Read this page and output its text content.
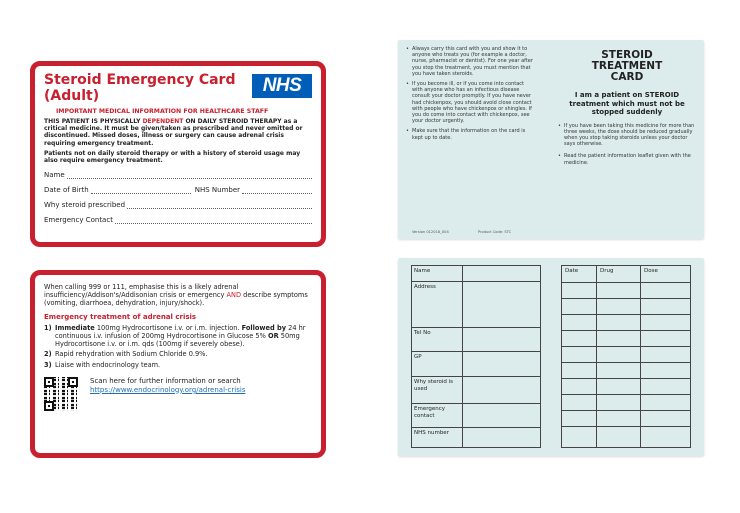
Steroid Emergency Card
(Adult)	NHS
IMPORTANT MEDICAL INFORMATION FOR HEALTHCARE STAFF
THIS PATIENT IS PHYSICALLY DEPENDENT ON DAILY STEROID THERAPY as a critical medicine. It must be given/taken as prescribed and never omitted or discontinued. Missed doses, illness or surgery can cause adrenal crisis requiring emergency treatment.
Patients not on daily steroid therapy or with a history of steroid usage may also require emergency treatment.
Name
Date of Birth	NHS Number
Why steroid prescribed
Emergency Contact
When calling 999 or 111, emphasise this is a likely adrenal insufficiency/Addison's/Addisonian crisis or emergency AND describe symptoms (vomiting, diarrhoea, dehydration, injury/shock).
Emergency treatment of adrenal crisis
1) Immediate 100mg Hydrocortisone i.v. or i.m. injection. Followed by 24 hr continuous i.v. infusion of 200mg Hydrocortisone in Glucose 5% OR 50mg Hydrocortisone i.v. or i.m. qds (100mg if severely obese).
2) Rapid rehydration with Sodium Chloride 0.9%.
3) Liaise with endocrinology team.
Scan here for further information or search
https://www.endocrinology.org/adrenal-crisis
• Always carry this card with you and show it to anyone who treats you (for example a doctor, nurse, pharmacist or dentist). For one year after you stop the treatment, you must mention that you have taken steroids.
• If you become ill, or if you come into contact with anyone who has an infectious disease consult your doctor promptly. If you have never had chickenpox, you should avoid close contact with people who have chickenpox or shingles. If you do come into contact with chickenpox, see your doctor urgently.
• Make sure that the information on the card is kept up to date.
Version 012018_004	Product Code: STC
STEROID
TREATMENT
CARD
I am a patient on STEROID treatment which must not be stopped suddenly
• If you have been taking this medicine for more than three weeks, the dose should be reduced gradually when you stop taking steroids unless your doctor says otherwise.
• Read the patient information leaflet given with the medicine.
Name
Address
Tel No
GP
Why steroid is used
Emergency contact
NHS number
Date	Drug	Dose
